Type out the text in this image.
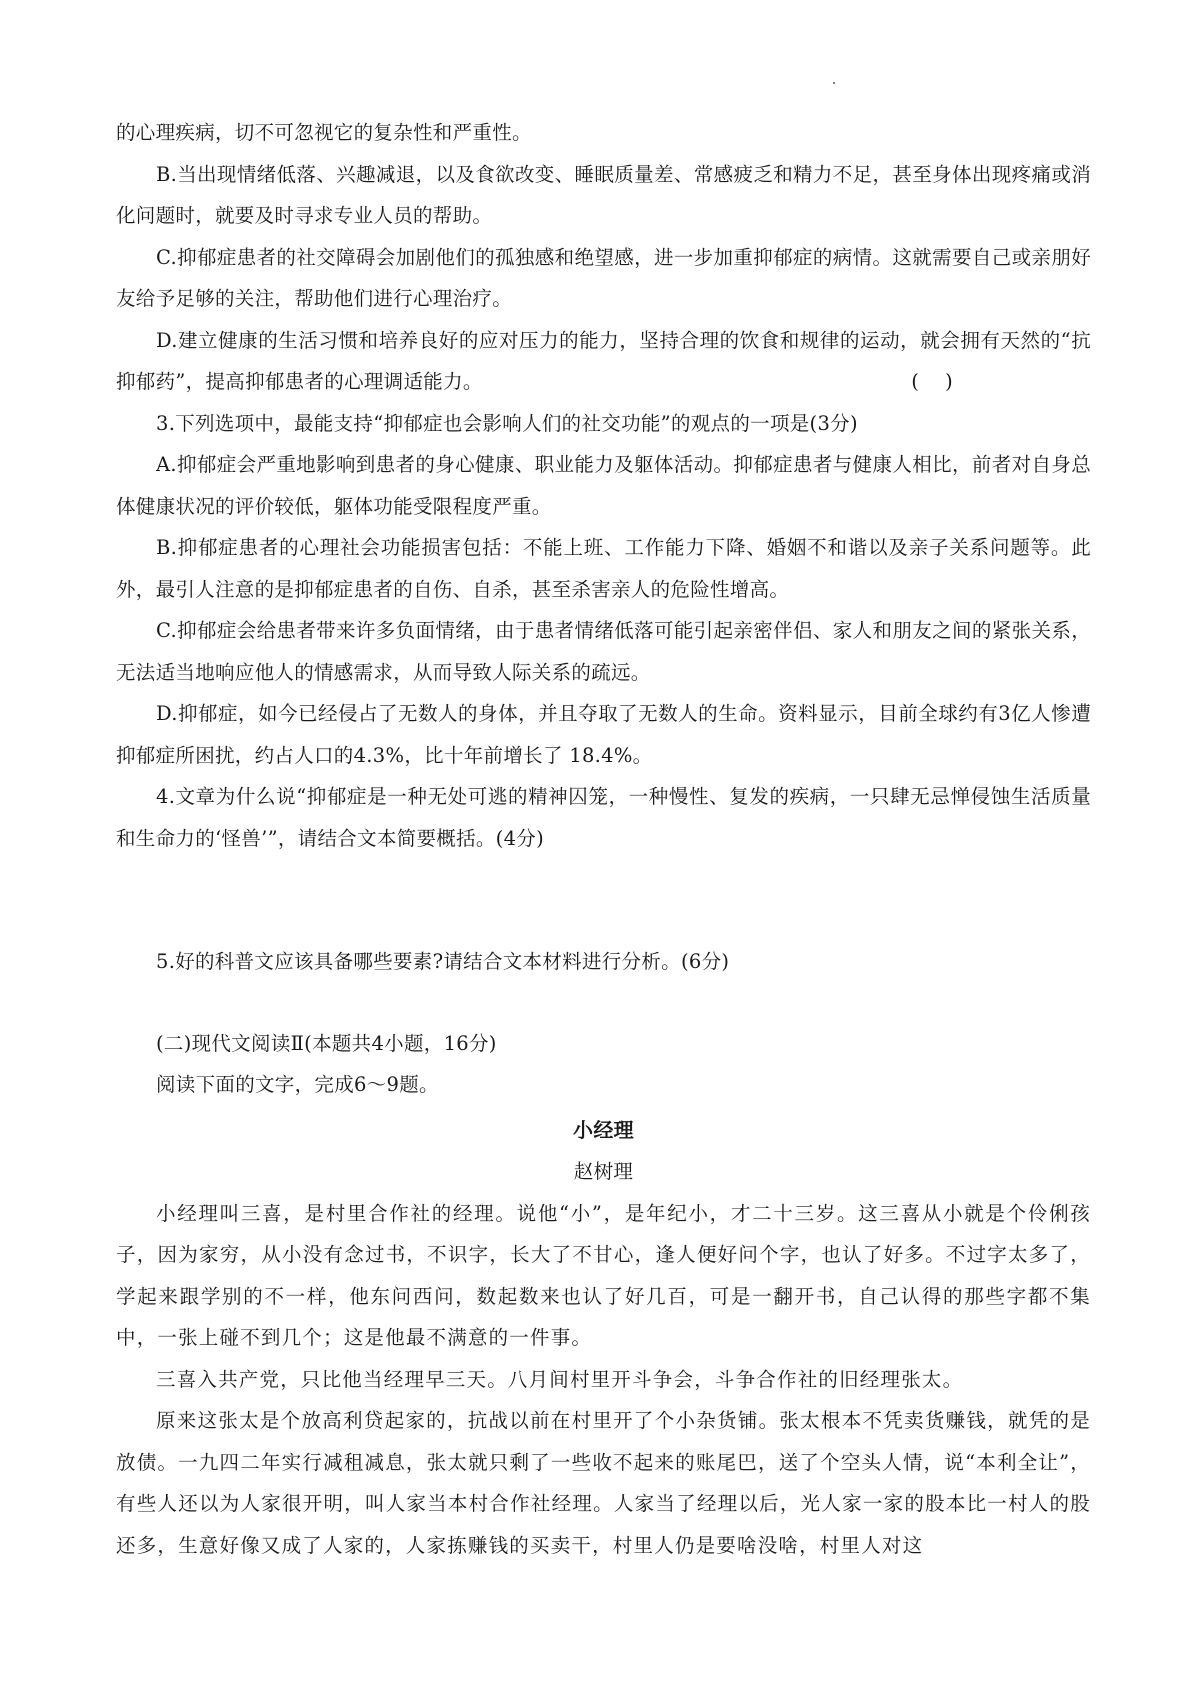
的心理疾病，切不可忽视它的复杂性和严重性。

B.当出现情绪低落、兴趣减退，以及食欲改变、睡眠质量差、常感疲乏和精力不足，甚至身体出现疼痛或消化问题时，就要及时寻求专业人员的帮助。

C.抑郁症患者的社交障碍会加剧他们的孤独感和绝望感，进一步加重抑郁症的病情。这就需要自己或亲朋好友给予足够的关注，帮助他们进行心理治疗。

D.建立健康的生活习惯和培养良好的应对压力的能力，坚持合理的饮食和规律的运动，就会拥有天然的“抗抑郁药”，提高抑郁患者的心理调适能力。	(    )

3.下列选项中，最能支持“抑郁症也会影响人们的社交功能”的观点的一项是(3分)

A.抑郁症会严重地影响到患者的身心健康、职业能力及躯体活动。抑郁症患者与健康人相比，前者对自身总体健康状况的评价较低，躯体功能受限程度严重。

B.抑郁症患者的心理社会功能损害包括：不能上班、工作能力下降、婚姻不和谐以及亲子关系问题等。此外，最引人注意的是抑郁症患者的自伤、自杀，甚至杀害亲人的危险性增高。

C.抑郁症会给患者带来许多负面情绪，由于患者情绪低落可能引起亲密伴侣、家人和朋友之间的紧张关系，无法适当地响应他人的情感需求，从而导致人际关系的疏远。

D.抑郁症，如今已经侵占了无数人的身体，并且夺取了无数人的生命。资料显示，目前全球约有3亿人惨遭抑郁症所困扰，约占人口的4.3%，比十年前增长了 18.4%。

4.文章为什么说“抑郁症是一种无处可逃的精神囚笼，一种慢性、复发的疾病，一只肆无忌惮侵蚀生活质量和生命力的‘怪兽’”，请结合文本简要概括。(4分)

5.好的科普文应该具备哪些要素?请结合文本材料进行分析。(6分)

(二)现代文阅读Ⅱ(本题共4小题，16分)

阅读下面的文字，完成6～9题。

小经理

赵树理

小经理叫三喜，是村里合作社的经理。说他“小”，是年纪小，才二十三岁。这三喜从小就是个伶俐孩子，因为家穷，从小没有念过书，不识字，长大了不甘心，逢人便好问个字，也认了好多。不过字太多了，学起来跟学别的不一样，他东问西问，数起数来也认了好几百，可是一翻开书，自己认得的那些字都不集中，一张上碰不到几个；这是他最不满意的一件事。

三喜入共产党，只比他当经理早三天。八月间村里开斗争会，斗争合作社的旧经理张太。

原来这张太是个放高利贷起家的，抗战以前在村里开了个小杂货铺。张太根本不凭卖货赚钱，就凭的是放债。一九四二年实行减租减息，张太就只剩了一些收不起来的账尾巴，送了个空头人情，说“本利全让”，有些人还以为人家很开明，叫人家当本村合作社经理。人家当了经理以后，光人家一家的股本比一村人的股还多，生意好像又成了人家的，人家拣赚钱的买卖干，村里人仍是要啥没啥，村里人对这
